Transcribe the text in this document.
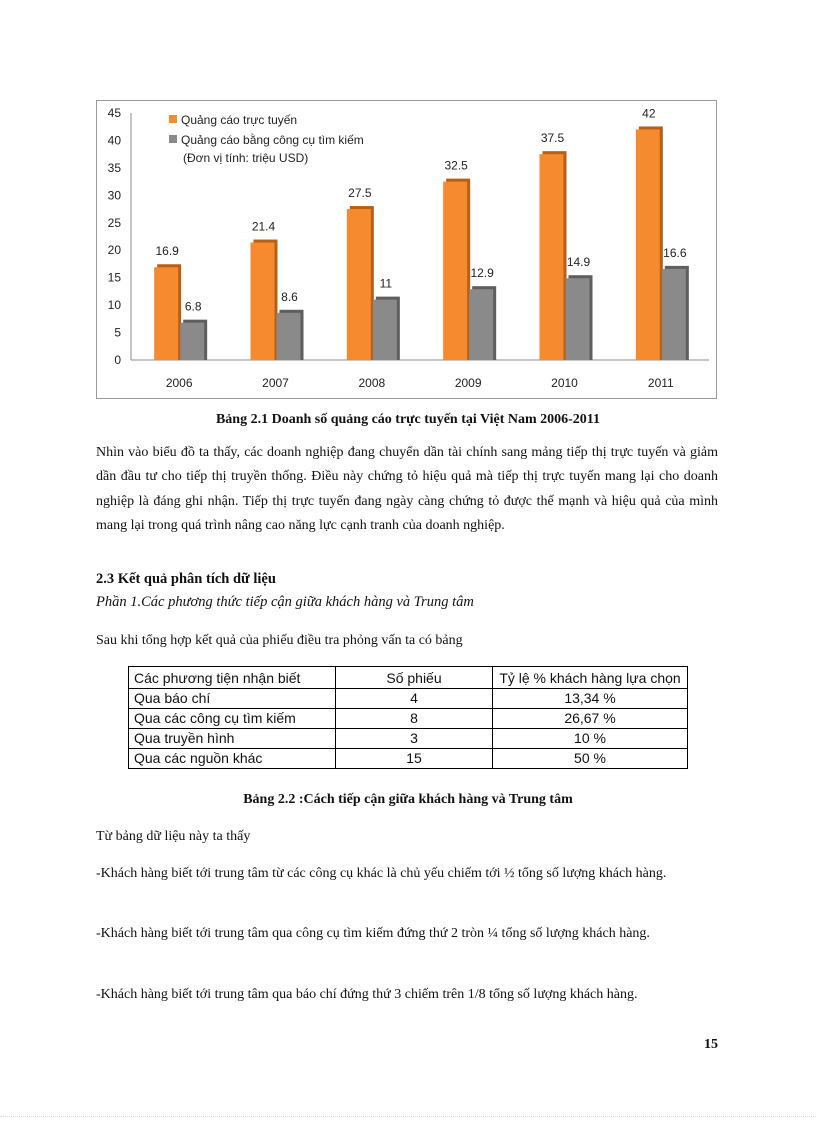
0
5
10
15
20
25
30
35
40
45
2006
16.9
6.8
2007
21.4
8.6
2008
27.5
11
2009
32.5
12.9
2010
37.5
14.9
2011
42
16.6
Quảng cáo trực tuyến
Quảng cáo bằng công cụ tìm kiếm
(Đơn vị tính: triệu USD)
Bảng 2.1 Doanh số quảng cáo trực tuyến tại Việt Nam 2006-2011
Nhìn vào biểu đồ ta thấy, các doanh nghiệp đang chuyển dần tài chính sang mảng tiếp thị trực tuyến và giảm dần đầu tư cho tiếp thị truyền thống. Điều này chứng tỏ hiệu quả mà tiếp thị trực tuyến mang lại cho doanh nghiệp là đáng ghi nhận. Tiếp thị trực tuyến đang ngày càng chứng tỏ được thế mạnh và hiệu quả của mình mang lại trong quá trình nâng cao năng lực cạnh tranh của doanh nghiệp.
2.3 Kết quả phân tích dữ liệu
Phần 1.Các phương thức tiếp cận giữa khách hàng và Trung tâm
Sau khi tổng hợp kết quả của phiếu điều tra phỏng vấn ta có bảng
Các phương tiện nhận biết	Số phiếu	Tỷ lệ % khách hàng lựa chọn
Qua báo chí	4	13,34 %
Qua các công cụ tìm kiếm	8	26,67 %
Qua truyền hình	3	10 %
Qua các nguồn khác	15	50 %
Bảng 2.2 :Cách tiếp cận giữa khách hàng và Trung tâm
Từ bảng dữ liệu này ta thấy
-Khách hàng biết tới trung tâm từ các công cụ khác là chủ yếu chiếm tới ½ tổng số lượng khách hàng.
-Khách hàng biết tới trung tâm qua công cụ tìm kiếm đứng thứ 2 tròn ¼ tổng số lượng khách hàng.
-Khách hàng biết tới trung tâm qua báo chí đứng thứ 3 chiếm trên 1/8 tổng số lượng khách hàng.
15
